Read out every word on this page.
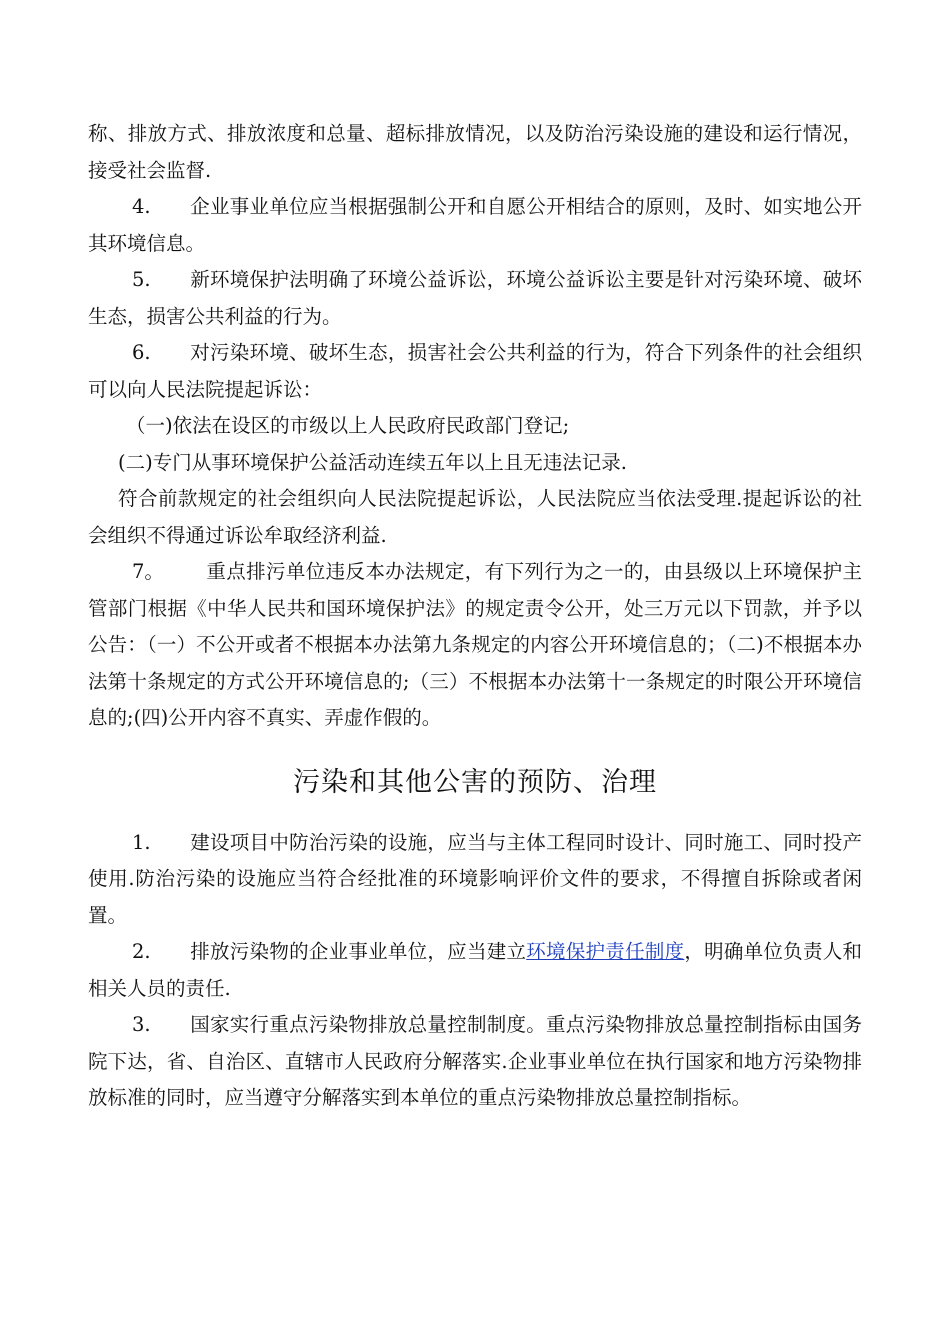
称、排放方式、排放浓度和总量、超标排放情况，以及防治污染设施的建设和运行情况，接受社会监督.

4. 企业事业单位应当根据强制公开和自愿公开相结合的原则，及时、如实地公开其环境信息。

5. 新环境保护法明确了环境公益诉讼，环境公益诉讼主要是针对污染环境、破坏生态，损害公共利益的行为。

6. 对污染环境、破坏生态，损害社会公共利益的行为，符合下列条件的社会组织可以向人民法院提起诉讼：

（一)依法在设区的市级以上人民政府民政部门登记;

(二)专门从事环境保护公益活动连续五年以上且无违法记录.

符合前款规定的社会组织向人民法院提起诉讼，人民法院应当依法受理.提起诉讼的社会组织不得通过诉讼牟取经济利益.

7。 重点排污单位违反本办法规定，有下列行为之一的，由县级以上环境保护主管部门根据《中华人民共和国环境保护法》的规定责令公开，处三万元以下罚款，并予以公告：（一）不公开或者不根据本办法第九条规定的内容公开环境信息的；（二)不根据本办法第十条规定的方式公开环境信息的;（三）不根据本办法第十一条规定的时限公开环境信息的;(四)公开内容不真实、弄虚作假的。

污染和其他公害的预防、治理

1. 建设项目中防治污染的设施，应当与主体工程同时设计、同时施工、同时投产使用.防治污染的设施应当符合经批准的环境影响评价文件的要求，不得擅自拆除或者闲置。

2. 排放污染物的企业事业单位，应当建立环境保护责任制度，明确单位负责人和相关人员的责任.

3. 国家实行重点污染物排放总量控制制度。重点污染物排放总量控制指标由国务院下达，省、自治区、直辖市人民政府分解落实.企业事业单位在执行国家和地方污染物排放标准的同时，应当遵守分解落实到本单位的重点污染物排放总量控制指标。
